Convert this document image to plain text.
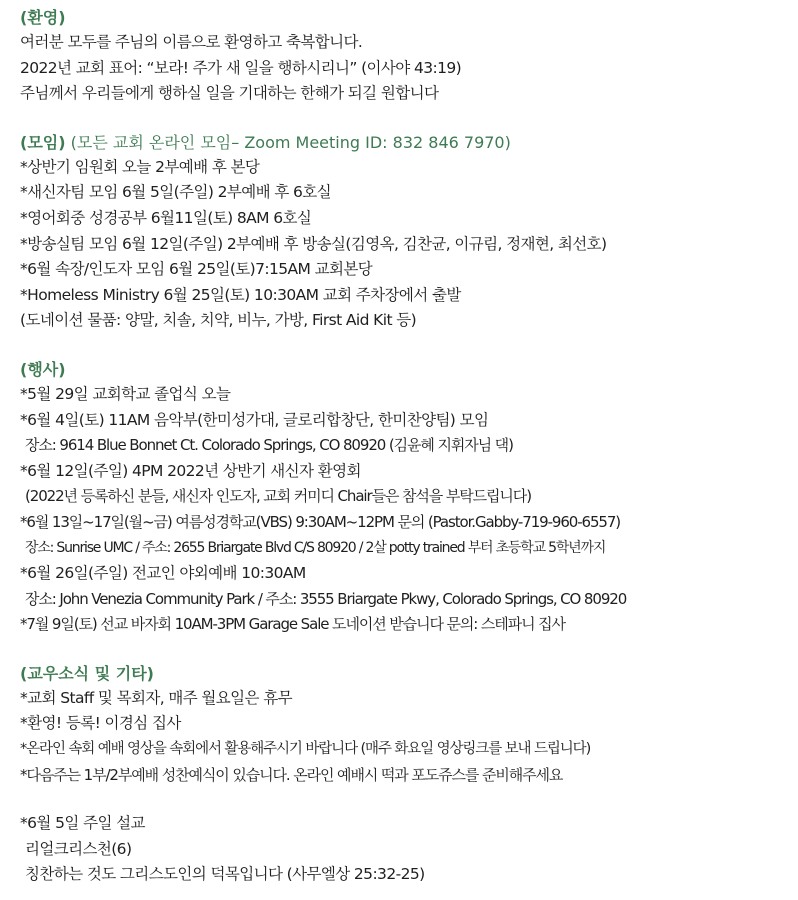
(환영)
여러분 모두를 주님의 이름으로 환영하고 축복합니다.
2022년 교회 표어: “보라! 주가 새 일을 행하시리니” (이사야 43:19)
주님께서 우리들에게 행하실 일을 기대하는 한해가 되길 원합니다
(모임) (모든 교회 온라인 모임– Zoom Meeting ID: 832 846 7970)
*상반기 임원회 오늘 2부예배 후 본당
*새신자팀 모임 6월 5일(주일) 2부예배 후 6호실
*영어회중 성경공부 6월11일(토) 8AM 6호실
*방송실팀 모임 6월 12일(주일) 2부예배 후 방송실(김영옥, 김찬균, 이규림, 정재현, 최선호)
*6월 속장/인도자 모임 6월 25일(토)7:15AM 교회본당
*Homeless Ministry 6월 25일(토) 10:30AM 교회 주차장에서 출발
(도네이션 물품: 양말, 치솔, 치약, 비누, 가방, First Aid Kit 등)
(행사)
*5월 29일 교회학교 졸업식 오늘
*6월 4일(토) 11AM 음악부(한미성가대, 글로리합창단, 한미찬양팀) 모임
장소: 9614 Blue Bonnet Ct. Colorado Springs, CO 80920 (김윤혜 지휘자님 댁)
*6월 12일(주일) 4PM 2022년 상반기 새신자 환영회
(2022년 등록하신 분들, 새신자 인도자, 교회 커미디 Chair들은 참석을 부탁드립니다)
*6월 13일~17일(월~금) 여름성경학교(VBS) 9:30AM~12PM 문의 (Pastor.Gabby-719-960-6557)
장소: Sunrise UMC / 주소: 2655 Briargate Blvd C/S 80920 / 2살 potty trained 부터 초등학교 5학년까지
*6월 26일(주일) 전교인 야외예배 10:30AM
장소: John Venezia Community Park / 주소: 3555 Briargate Pkwy, Colorado Springs, CO 80920
*7월 9일(토) 선교 바자회 10AM-3PM Garage Sale 도네이션 받습니다 문의: 스테파니 집사
(교우소식 및 기타)
*교회 Staff 및 목회자, 매주 월요일은 휴무
*환영! 등록! 이경심 집사
*온라인 속회 예배 영상을 속회에서 활용해주시기 바랍니다 (매주 화요일 영상링크를 보내 드립니다)
*다음주는 1부/2부예배 성찬예식이 있습니다. 온라인 예배시 떡과 포도쥬스를 준비해주세요
*6월 5일 주일 설교
리얼크리스천(6)
칭찬하는 것도 그리스도인의 덕목입니다 (사무엘상 25:32-25)
